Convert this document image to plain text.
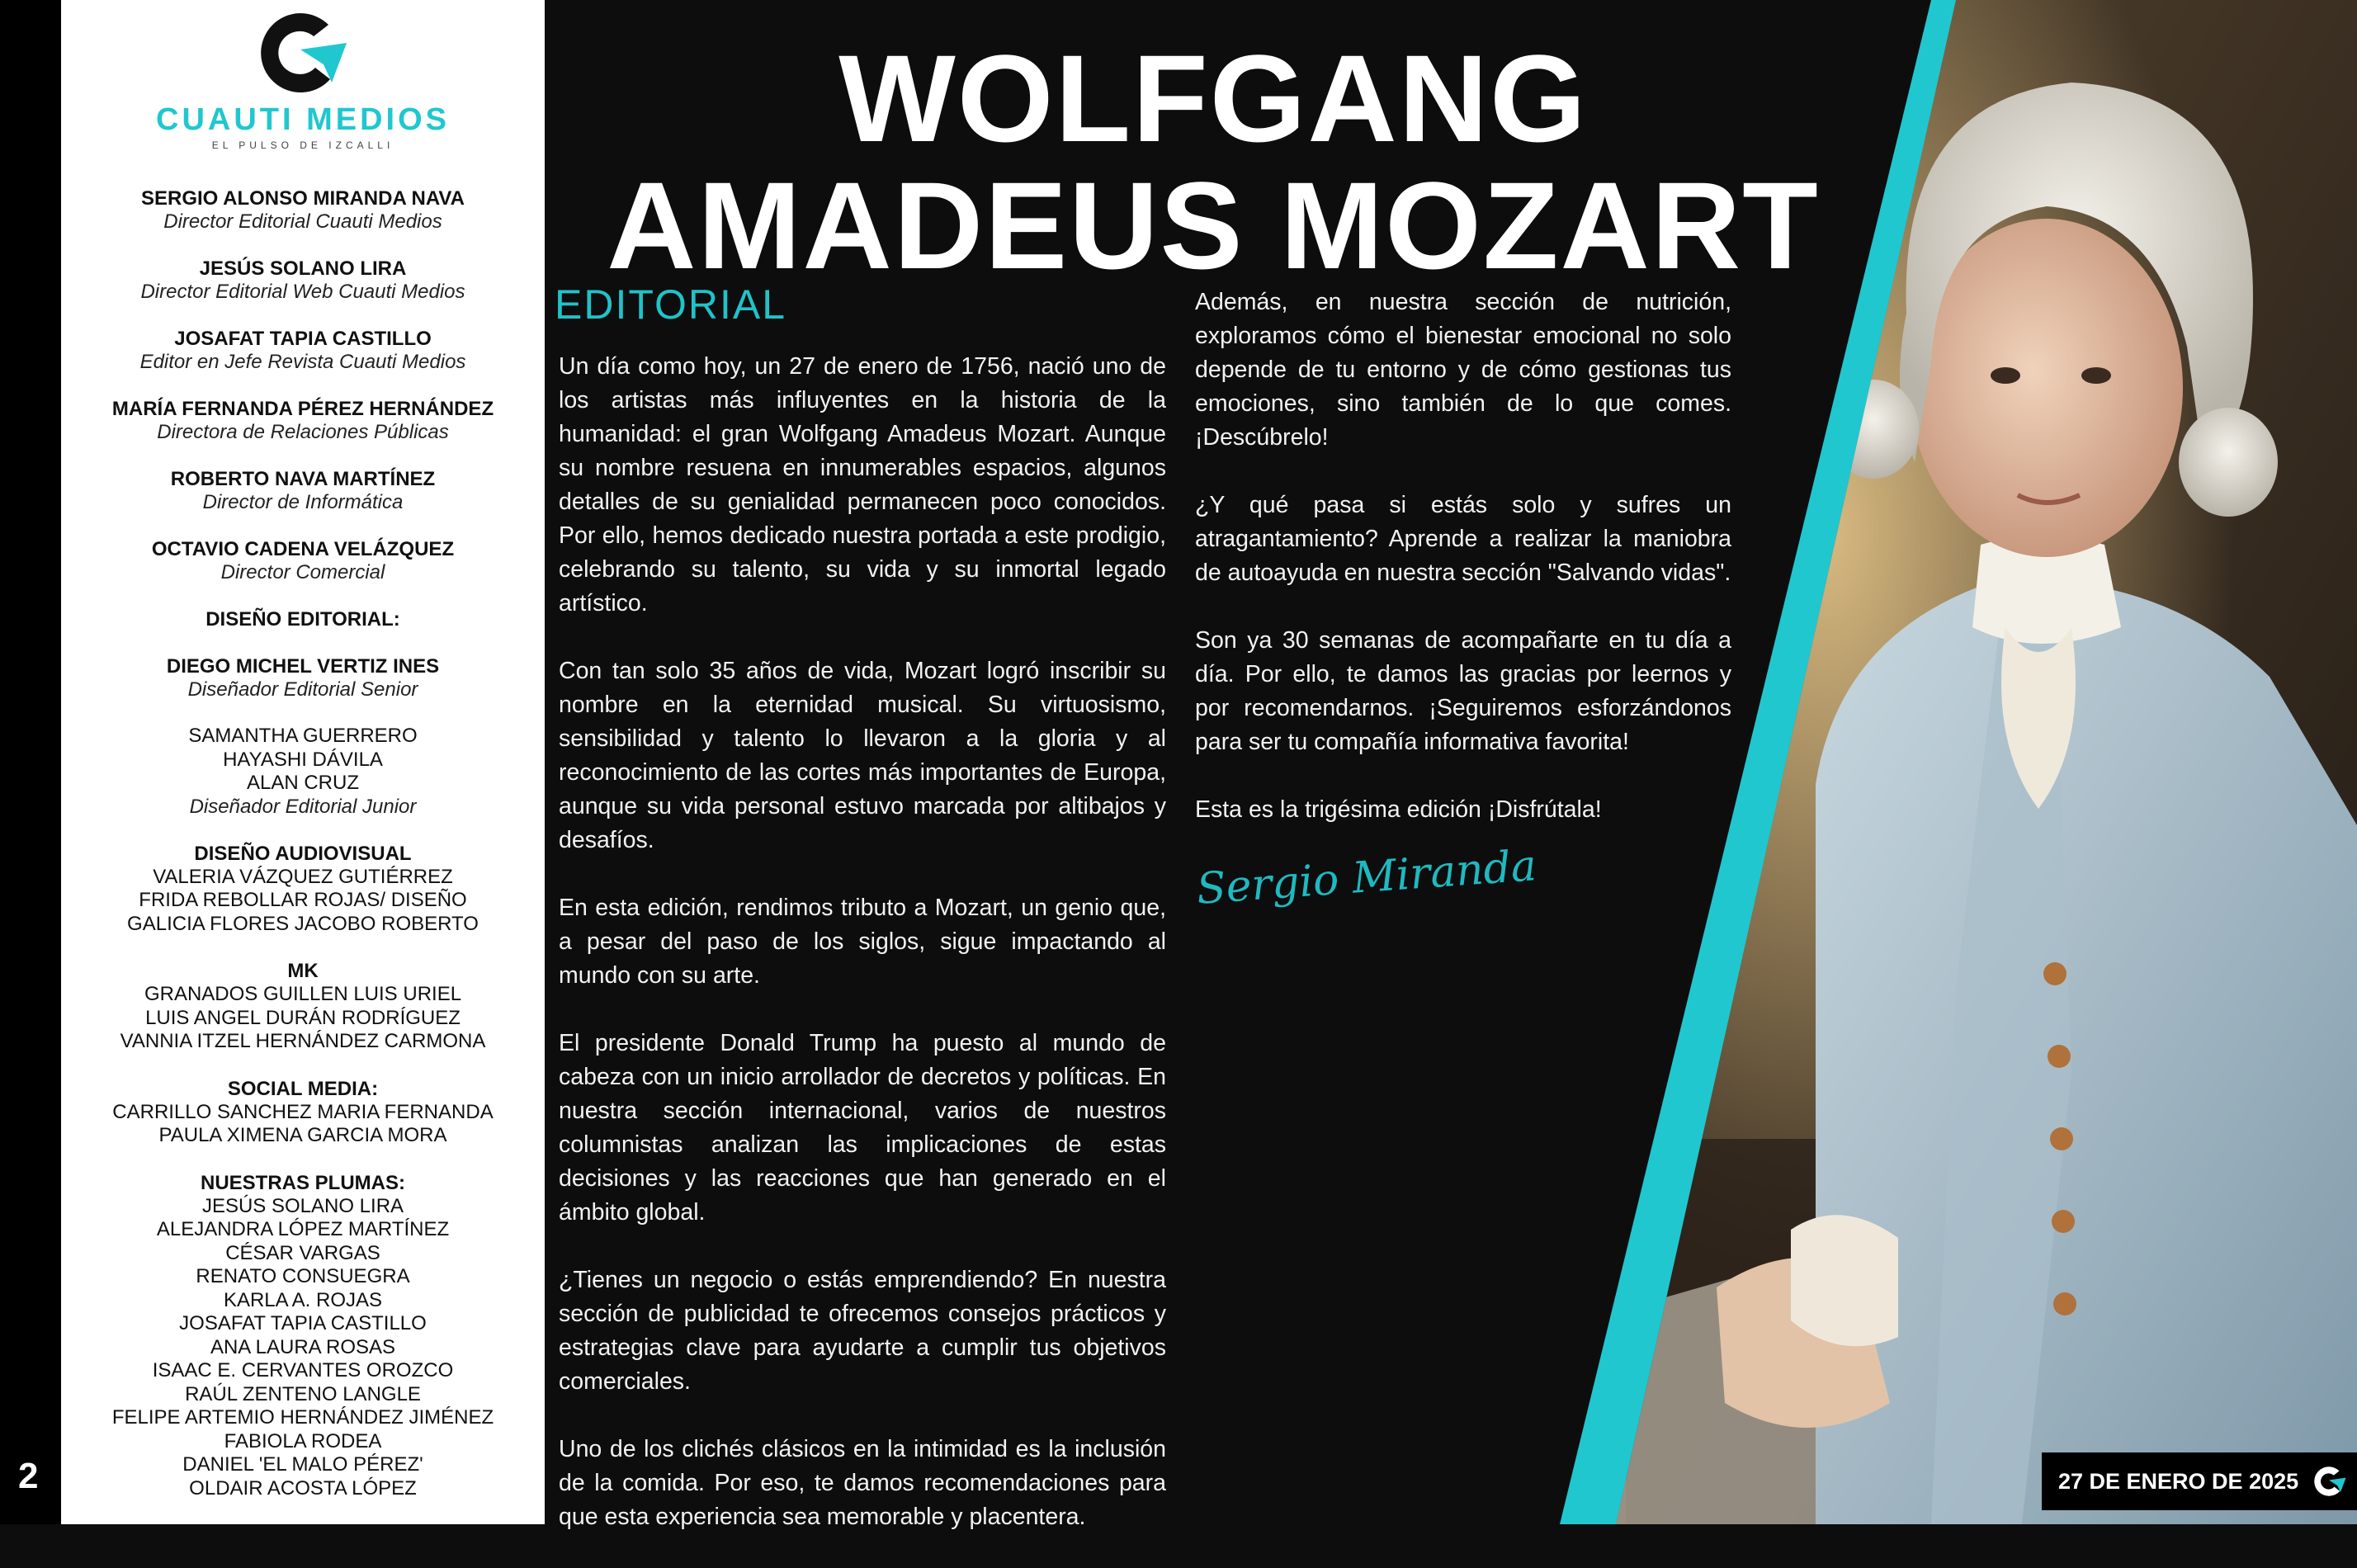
2
CUAUTI MEDIOS
EL PULSO DE IZCALLI
SERGIO ALONSO MIRANDA NAVA
Director Editorial Cuauti Medios
JESÚS SOLANO LIRA
Director Editorial Web Cuauti Medios
JOSAFAT TAPIA CASTILLO
Editor en Jefe Revista Cuauti Medios
MARÍA FERNANDA PÉREZ HERNÁNDEZ
Directora de Relaciones Públicas
ROBERTO NAVA MARTÍNEZ
Director de Informática
OCTAVIO CADENA VELÁZQUEZ
Director Comercial
DISEÑO EDITORIAL:
DIEGO MICHEL VERTIZ INES
Diseñador Editorial Senior
SAMANTHA GUERRERO
HAYASHI DÁVILA
ALAN CRUZ
Diseñador Editorial Junior
DISEÑO AUDIOVISUAL
VALERIA VÁZQUEZ GUTIÉRREZ
FRIDA REBOLLAR ROJAS/ DISEÑO
GALICIA FLORES JACOBO ROBERTO
MK
GRANADOS GUILLEN LUIS URIEL
LUIS ANGEL DURÁN RODRÍGUEZ
VANNIA ITZEL HERNÁNDEZ CARMONA
SOCIAL MEDIA:
CARRILLO SANCHEZ MARIA FERNANDA
PAULA XIMENA GARCIA MORA
NUESTRAS PLUMAS:
JESÚS SOLANO LIRA
ALEJANDRA LÓPEZ MARTÍNEZ
CÉSAR VARGAS
RENATO CONSUEGRA
KARLA A. ROJAS
JOSAFAT TAPIA CASTILLO
ANA LAURA ROSAS
ISAAC E. CERVANTES OROZCO
RAÚL ZENTENO LANGLE
FELIPE ARTEMIO HERNÁNDEZ JIMÉNEZ
FABIOLA RODEA
DANIEL 'EL MALO PÉREZ'
OLDAIR ACOSTA LÓPEZ
WOLFGANG
AMADEUS MOZART
EDITORIAL

Un día como hoy, un 27 de enero de 1756, nació uno de los artistas más influyentes en la historia de la humanidad: el gran Wolfgang Amadeus Mozart. Aunque su nombre resuena en innumerables espacios, algunos detalles de su genialidad permanecen poco conocidos. Por ello, hemos dedicado nuestra portada a este prodigio, celebrando su talento, su vida y su inmortal legado artístico.

Con tan solo 35 años de vida, Mozart logró inscribir su nombre en la eternidad musical. Su virtuosismo, sensibilidad y talento lo llevaron a la gloria y al reconocimiento de las cortes más importantes de Europa, aunque su vida personal estuvo marcada por altibajos y desafíos.

En esta edición, rendimos tributo a Mozart, un genio que, a pesar del paso de los siglos, sigue impactando al mundo con su arte.

El presidente Donald Trump ha puesto al mundo de cabeza con un inicio arrollador de decretos y políticas. En nuestra sección internacional, varios de nuestros columnistas analizan las implicaciones de estas decisiones y las reacciones que han generado en el ámbito global.

¿Tienes un negocio o estás emprendiendo? En nuestra sección de publicidad te ofrecemos consejos prácticos y estrategias clave para ayudarte a cumplir tus objetivos comerciales.

Uno de los clichés clásicos en la intimidad es la inclusión de la comida. Por eso, te damos recomendaciones para que esta experiencia sea memorable y placentera.

Además, en nuestra sección de nutrición, exploramos cómo el bienestar emocional no solo depende de tu entorno y de cómo gestionas tus emociones, sino también de lo que comes. ¡Descúbrelo!

¿Y qué pasa si estás solo y sufres un atragantamiento? Aprende a realizar la maniobra de autoayuda en nuestra sección "Salvando vidas".

Son ya 30 semanas de acompañarte en tu día a día. Por ello, te damos las gracias por leernos y por recomendarnos. ¡Seguiremos esforzándonos para ser tu compañía informativa favorita!

Esta es la trigésima edición ¡Disfrútala!

Sergio Miranda
27 DE ENERO DE 2025
